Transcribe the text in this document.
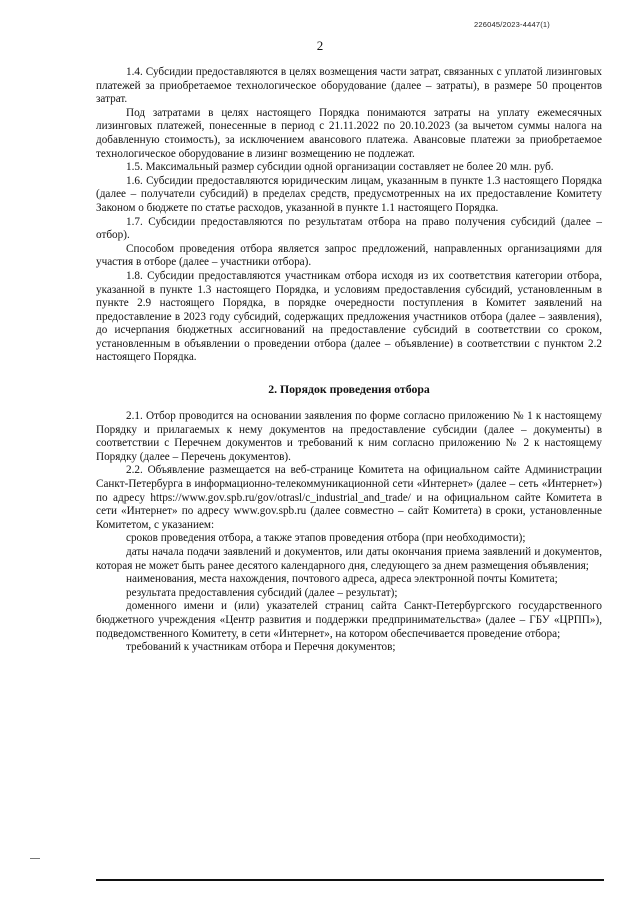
226045/2023-4447(1)
2

1.4. Субсидии предоставляются в целях возмещения части затрат, связанных с уплатой лизинговых платежей за приобретаемое технологическое оборудование (далее – затраты), в размере 50 процентов затрат.

Под затратами в целях настоящего Порядка понимаются затраты на уплату ежемесячных лизинговых платежей, понесенные в период с 21.11.2022 по 20.10.2023 (за вычетом суммы налога на добавленную стоимость), за исключением авансового платежа. Авансовые платежи за приобретаемое технологическое оборудование в лизинг возмещению не подлежат.

1.5. Максимальный размер субсидии одной организации составляет не более 20 млн. руб.

1.6. Субсидии предоставляются юридическим лицам, указанным в пункте 1.3 настоящего Порядка (далее – получатели субсидий) в пределах средств, предусмотренных на их предоставление Комитету Законом о бюджете по статье расходов, указанной в пункте 1.1 настоящего Порядка.

1.7. Субсидии предоставляются по результатам отбора на право получения субсидий (далее – отбор).

Способом проведения отбора является запрос предложений, направленных организациями для участия в отборе (далее – участники отбора).

1.8. Субсидии предоставляются участникам отбора исходя из их соответствия категории отбора, указанной в пункте 1.3 настоящего Порядка, и условиям предоставления субсидий, установленным в пункте 2.9 настоящего Порядка, в порядке очередности поступления в Комитет заявлений на предоставление в 2023 году субсидий, содержащих предложения участников отбора (далее – заявления), до исчерпания бюджетных ассигнований на предоставление субсидий в соответствии со сроком, установленным в объявлении о проведении отбора (далее – объявление) в соответствии с пунктом 2.2 настоящего Порядка.

2. Порядок проведения отбора

2.1. Отбор проводится на основании заявления по форме согласно приложению № 1 к настоящему Порядку и прилагаемых к нему документов на предоставление субсидии (далее – документы) в соответствии с Перечнем документов и требований к ним согласно приложению № 2 к настоящему Порядку (далее – Перечень документов).

2.2. Объявление размещается на веб-странице Комитета на официальном сайте Администрации Санкт-Петербурга в информационно-телекоммуникационной сети «Интернет» (далее – сеть «Интернет») по адресу https://www.gov.spb.ru/gov/otrasl/c_industrial_and_trade/ и на официальном сайте Комитета в сети «Интернет» по адресу www.gov.spb.ru (далее совместно – сайт Комитета) в сроки, установленные Комитетом, с указанием:

сроков проведения отбора, а также этапов проведения отбора (при необходимости);

даты начала подачи заявлений и документов, или даты окончания приема заявлений и документов, которая не может быть ранее десятого календарного дня, следующего за днем размещения объявления;

наименования, места нахождения, почтового адреса, адреса электронной почты Комитета;

результата предоставления субсидий (далее – результат);

доменного имени и (или) указателей страниц сайта Санкт-Петербургского государственного бюджетного учреждения «Центр развития и поддержки предпринимательства» (далее – ГБУ «ЦРПП»), подведомственного Комитету, в сети «Интернет», на котором обеспечивается проведение отбора;

требований к участникам отбора и Перечня документов;
